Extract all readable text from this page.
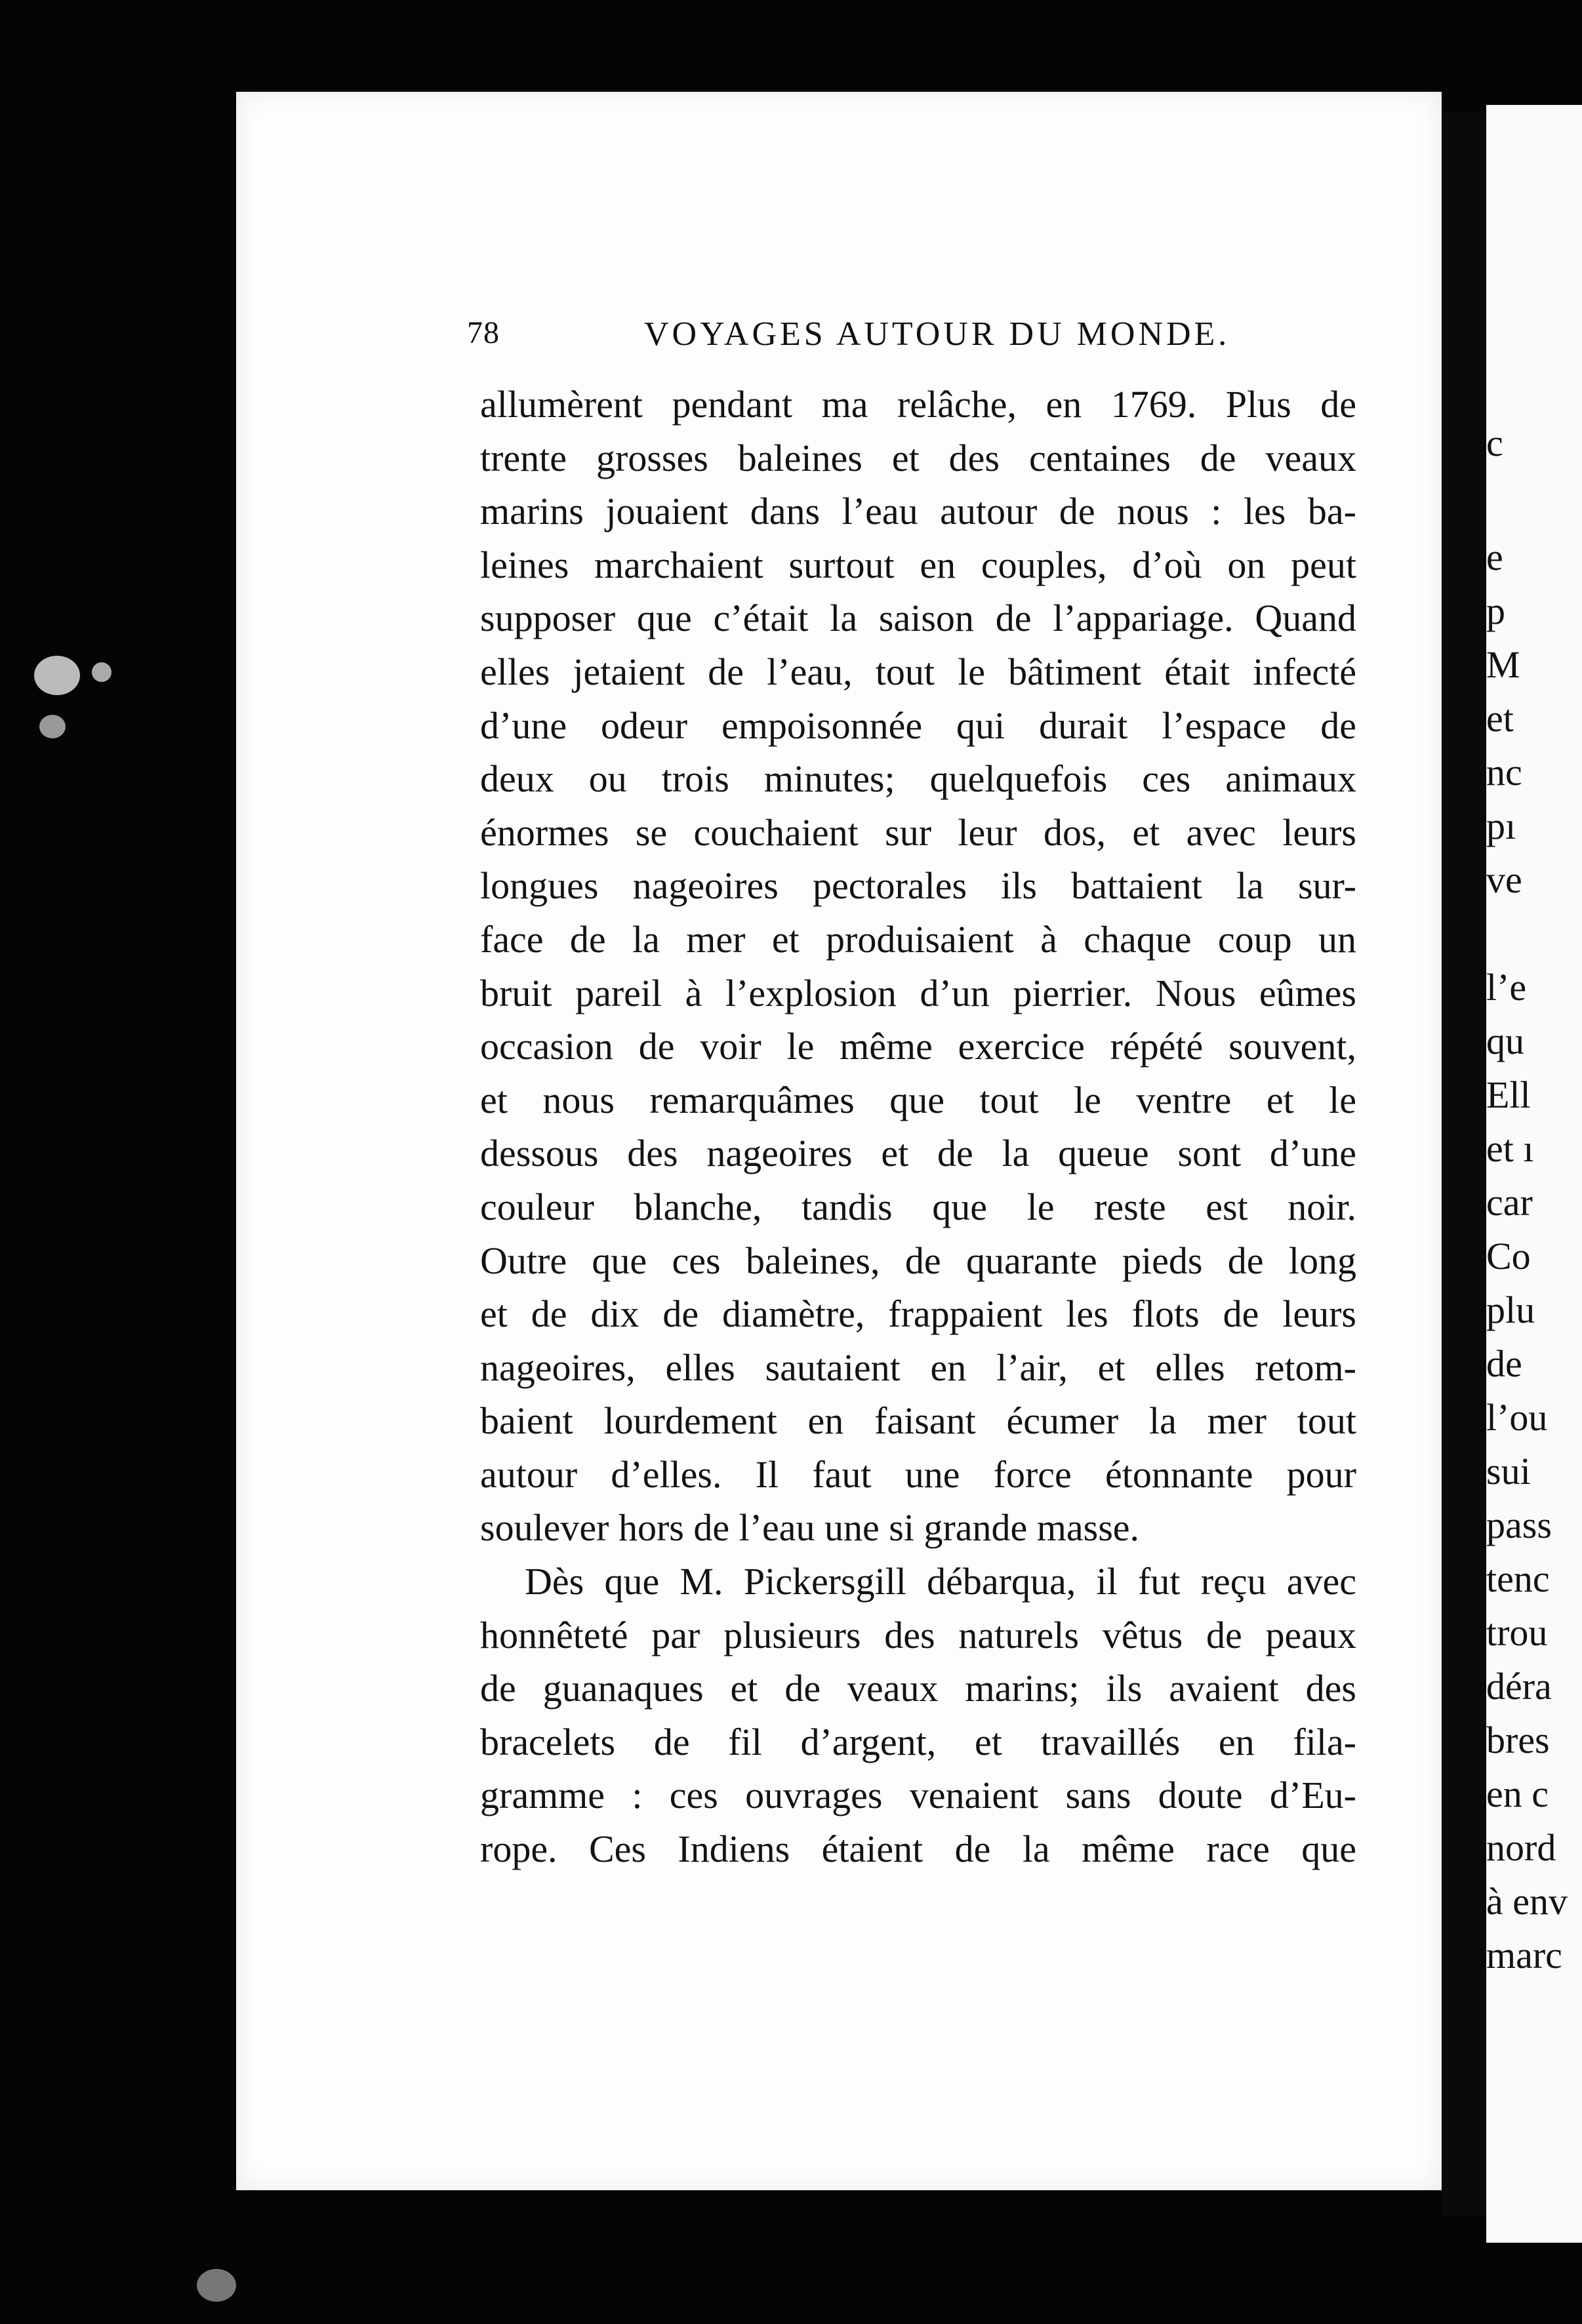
c
e
p
M
et
nc
pı
ve
l’e
qu
Ell
et ı
car
Co
plu
de
l’ou
sui
pass
tenc
trou
déra
bres
en c
nord
à env
marc
78	VOYAGES AUTOUR DU MONDE.
allumèrent pendant ma relâche, en 1769. Plus de
trente grosses baleines et des centaines de veaux
marins jouaient dans l’eau autour de nous : les ba-
leines marchaient surtout en couples, d’où on peut
supposer que c’était la saison de l’appariage. Quand
elles jetaient de l’eau, tout le bâtiment était infecté
d’une odeur empoisonnée qui durait l’espace de
deux ou trois minutes; quelquefois ces animaux
énormes se couchaient sur leur dos, et avec leurs
longues nageoires pectorales ils battaient la sur-
face de la mer et produisaient à chaque coup un
bruit pareil à l’explosion d’un pierrier. Nous eûmes
occasion de voir le même exercice répété souvent,
et nous remarquâmes que tout le ventre et le
dessous des nageoires et de la queue sont d’une
couleur blanche, tandis que le reste est noir.
Outre que ces baleines, de quarante pieds de long
et de dix de diamètre, frappaient les flots de leurs
nageoires, elles sautaient en l’air, et elles retom-
baient lourdement en faisant écumer la mer tout
autour d’elles. Il faut une force étonnante pour
soulever hors de l’eau une si grande masse.
Dès que M. Pickersgill débarqua, il fut reçu avec
honnêteté par plusieurs des naturels vêtus de peaux
de guanaques et de veaux marins; ils avaient des
bracelets de fil d’argent, et travaillés en fila-
gramme : ces ouvrages venaient sans doute d’Eu-
rope. Ces Indiens étaient de la même race que
